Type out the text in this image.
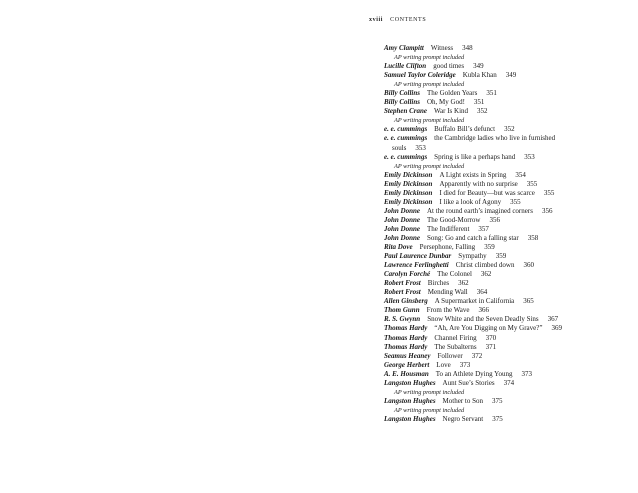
xviii CONTENTS
Amy Clampitt Witness 348
AP writing prompt included
Lucille Clifton good times 349
Samuel Taylor Coleridge Kubla Khan 349
AP writing prompt included
Billy Collins The Golden Years 351
Billy Collins Oh, My God! 351
Stephen Crane War Is Kind 352
AP writing prompt included
e. e. cummings Buffalo Bill’s defunct 352
e. e. cummings the Cambridge ladies who live in furnished
souls 353
e. e. cummings Spring is like a perhaps hand 353
AP writing prompt included
Emily Dickinson A Light exists in Spring 354
Emily Dickinson Apparently with no surprise 355
Emily Dickinson I died for Beauty—but was scarce 355
Emily Dickinson I like a look of Agony 355
John Donne At the round earth’s imagined corners 356
John Donne The Good-Morrow 356
John Donne The Indifferent 357
John Donne Song: Go and catch a falling star 358
Rita Dove Persephone, Falling 359
Paul Laurence Dunbar Sympathy 359
Lawrence Ferlinghetti Christ climbed down 360
Carolyn Forché The Colonel 362
Robert Frost Birches 362
Robert Frost Mending Wall 364
Allen Ginsberg A Supermarket in California 365
Thom Gunn From the Wave 366
R. S. Gwynn Snow White and the Seven Deadly Sins 367
Thomas Hardy “Ah, Are You Digging on My Grave?” 369
Thomas Hardy Channel Firing 370
Thomas Hardy The Subalterns 371
Seamus Heaney Follower 372
George Herbert Love 373
A. E. Housman To an Athlete Dying Young 373
Langston Hughes Aunt Sue’s Stories 374
AP writing prompt included
Langston Hughes Mother to Son 375
AP writing prompt included
Langston Hughes Negro Servant 375
